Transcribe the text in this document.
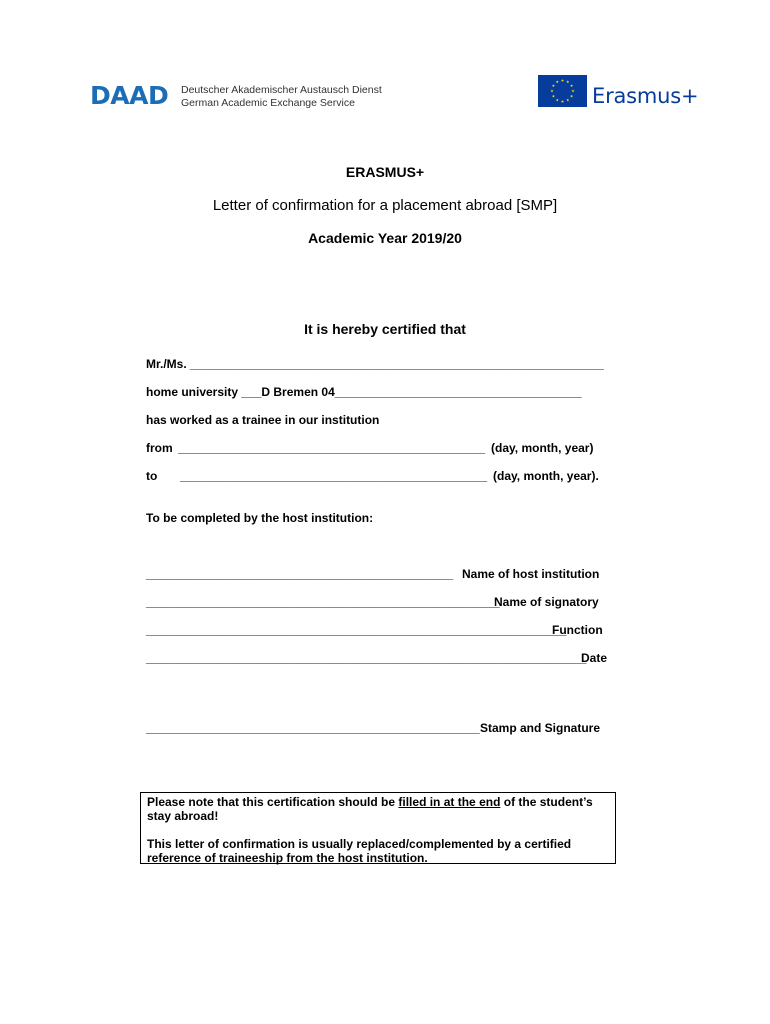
DAAD Deutscher Akademischer Austausch Dienst
German Academic Exchange Service	Erasmus+
ERASMUS+
Letter of confirmation for a placement abroad [SMP]
Academic Year 2019/20
It is hereby certified that
Mr./Ms. ______________________________________________________________
home university ___D Bremen 04_____________________________________
has worked as a trainee in our institution
from ______________________________________________ (day, month, year)
to ______________________________________________ (day, month, year).
To be completed by the host institution:
______________________________________________ Name of host institution
_____________________________________________________
Name of signatory
_______________________________________________________________
Function
__________________________________________________________________
Date
__________________________________________________ Stamp and Signature

Please note that this certification should be filled in at the end of the student’s stay abroad!

This letter of confirmation is usually replaced/complemented by a certified reference of traineeship from the host institution.
